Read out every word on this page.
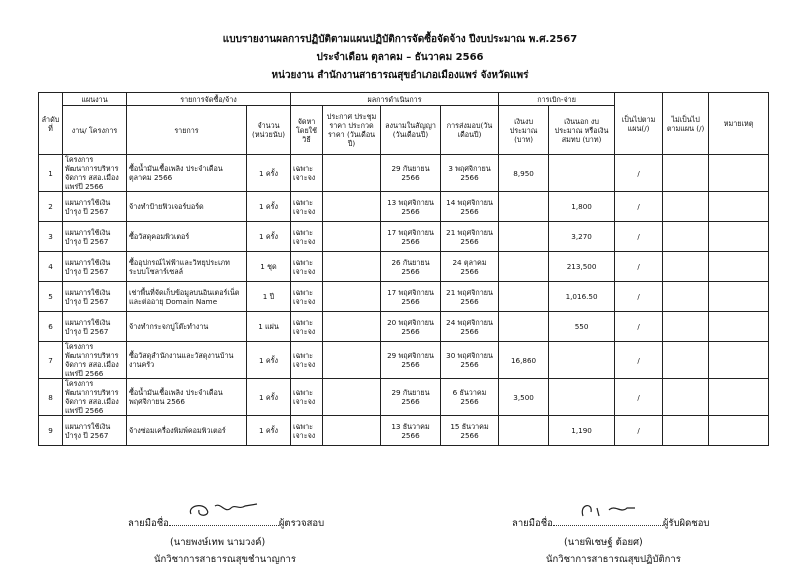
แบบรายงานผลการปฏิบัติตามแผนปฏิบัติการจัดซื้อจัดจ้าง ปีงบประมาณ พ.ศ.2567
ประจำเดือน ตุลาคม – ธันวาคม 2566
หน่วยงาน สำนักงานสาธารณสุขอำเภอเมืองแพร่ จังหวัดแพร่
ลำดับที่	แผนงาน	รายการจัดซื้อ/จ้าง		ผลการดำเนินการ				การเบิก-จ่าย		เป็นไปตาม แผน(/)	ไม่เป็นไป ตามแผน (/)	หมายเหตุ
	งาน/ โครงการ	รายการ	จำนวน (หน่วยนับ)	จัดหา โดยใช้ วิธี	ประกาศ ประชุมราคา ประกวดราคา (วันเดือนปี)	ลงนามในสัญญา (วันเดือนปี)	การส่งมอบ(วัน เดือนปี)	เงินงบประมาณ (บาท)	เงินนอก งบประมาณ หรือเงินสมทบ (บาท)			
1	โครงการพัฒนาการบริหารจัดการ สสอ.เมืองแพร่ปี 2566	ซื้อน้ำมันเชื้อเพลิง ประจำเดือนตุลาคม 2566	1 ครั้ง	เฉพาะเจาะจง		29 กันยายน 2566	3 พฤศจิกายน 2566	8,950		/		
2	แผนการใช้เงินบำรุง ปี 2567	จ้างทำป้ายฟิวเจอร์บอร์ด	1 ครั้ง	เฉพาะเจาะจง		13 พฤศจิกายน 2566	14 พฤศจิกายน 2566		1,800	/		
3	แผนการใช้เงินบำรุง ปี 2567	ซื้อวัสดุคอมพิวเตอร์	1 ครั้ง	เฉพาะเจาะจง		17 พฤศจิกายน 2566	21 พฤศจิกายน 2566		3,270	/		
4	แผนการใช้เงินบำรุง ปี 2567	ซื้ออุปกรณ์ไฟฟ้าและวิทยุประเภทระบบโซลาร์เซลล์	1 ชุด	เฉพาะเจาะจง		26 กันยายน 2566	24 ตุลาคม 2566		213,500	/		
5	แผนการใช้เงินบำรุง ปี 2567	เช่าพื้นที่จัดเก็บข้อมูลบนอินเตอร์เน็ต และต่ออายุ Domain Name	1 ปี	เฉพาะเจาะจง		17 พฤศจิกายน 2566	21 พฤศจิกายน 2566		1,016.50	/		
6	แผนการใช้เงินบำรุง ปี 2567	จ้างทำกระจกปูโต๊ะทำงาน	1 แผ่น	เฉพาะเจาะจง		20 พฤศจิกายน 2566	24 พฤศจิกายน 2566		550	/		
7	โครงการพัฒนาการบริหารจัดการ สสอ.เมืองแพร่ปี 2566	ซื้อวัสดุสำนักงานและวัสดุงานบ้านงานครัว	1 ครั้ง	เฉพาะเจาะจง		29 พฤศจิกายน 2566	30 พฤศจิกายน 2566	16,860		/		
8	โครงการพัฒนาการบริหารจัดการ สสอ.เมืองแพร่ปี 2566	ซื้อน้ำมันเชื้อเพลิง ประจำเดือนพฤศจิกายน 2566	1 ครั้ง	เฉพาะเจาะจง		29 กันยายน 2566	6 ธันวาคม 2566	3,500		/		
9	แผนการใช้เงินบำรุง ปี 2567	จ้างซ่อมเครื่องพิมพ์คอมพิวเตอร์	1 ครั้ง	เฉพาะเจาะจง		13 ธันวาคม 2566	15 ธันวาคม 2566		1,190	/		
ลายมือชื่อ	ผู้ตรวจสอบ
(นายพงษ์เทพ นามวงค์)
นักวิชาการสาธารณสุขชำนาญการ
ลายมือชื่อ	ผู้รับผิดชอบ
(นายพิเชษฐ์ ต้อยศ)
นักวิชาการสาธารณสุขปฏิบัติการ
